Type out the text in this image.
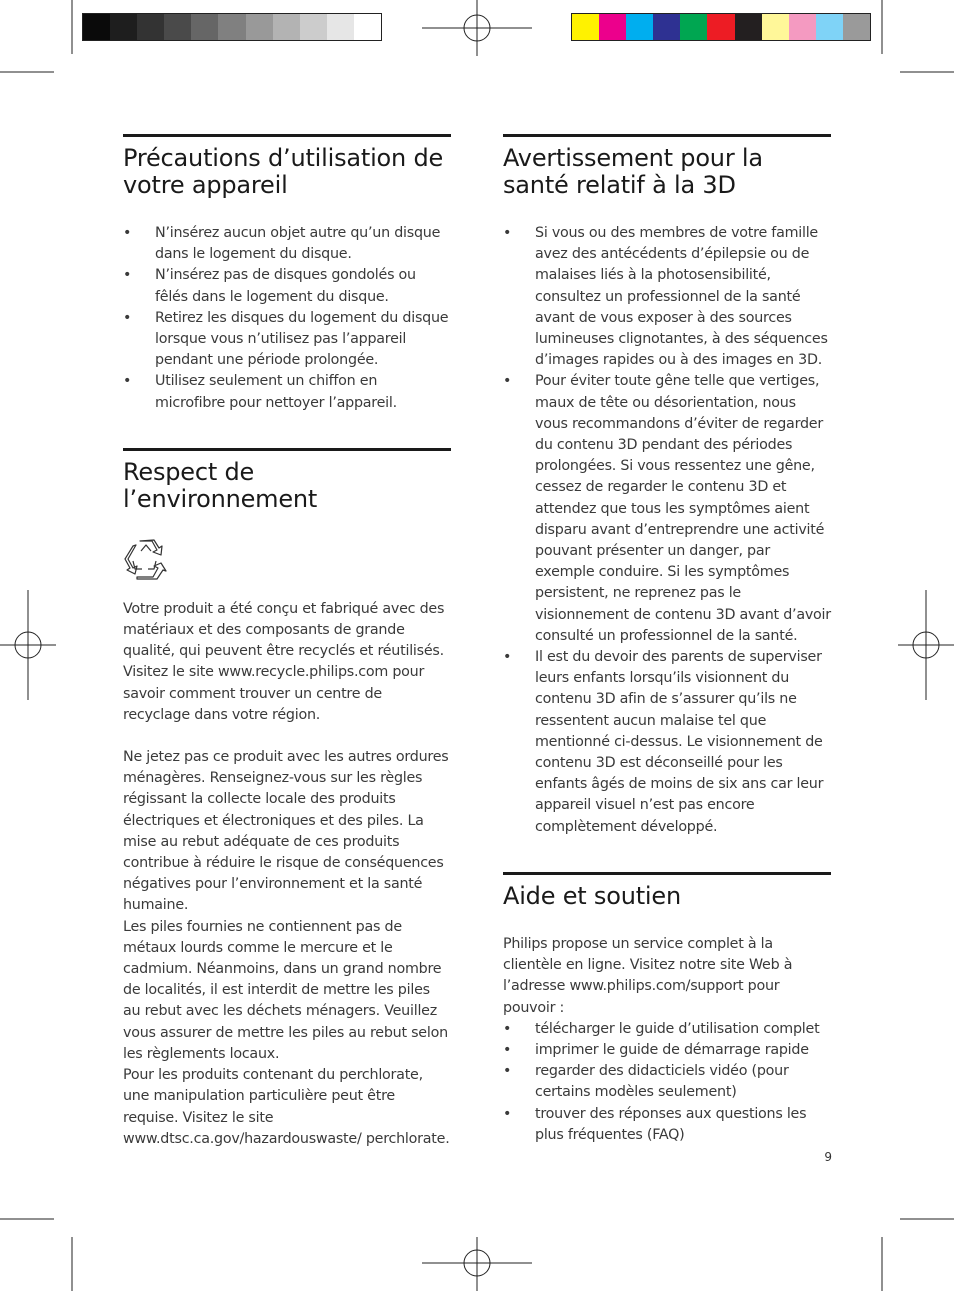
Précautions d’utilisation de votre appareil
• N’insérez aucun objet autre qu’un disque dans le logement du disque.
• N’insérez pas de disques gondolés ou fêlés dans le logement du disque.
• Retirez les disques du logement du disque lorsque vous n’utilisez pas l’appareil pendant une période prolongée.
• Utilisez seulement un chiffon en microfibre pour nettoyer l’appareil.
Respect de l’environnement

Votre produit a été conçu et fabriqué avec des matériaux et des composants de grande qualité, qui peuvent être recyclés et réutilisés. Visitez le site www.recycle.philips.com pour savoir comment trouver un centre de recyclage dans votre région.

Ne jetez pas ce produit avec les autres ordures ménagères. Renseignez-vous sur les règles régissant la collecte locale des produits électriques et électroniques et des piles. La mise au rebut adéquate de ces produits contribue à réduire le risque de conséquences négatives pour l’environnement et la santé humaine.

Les piles fournies ne contiennent pas de métaux lourds comme le mercure et le cadmium. Néanmoins, dans un grand nombre de localités, il est interdit de mettre les piles au rebut avec les déchets ménagers. Veuillez vous assurer de mettre les piles au rebut selon les règlements locaux.

Pour les produits contenant du perchlorate, une manipulation particulière peut être requise. Visitez le site www.dtsc.ca.gov/hazardouswaste/ perchlorate.

Avertissement pour la santé relatif à la 3D
• Si vous ou des membres de votre famille avez des antécédents d’épilepsie ou de malaises liés à la photosensibilité, consultez un professionnel de la santé avant de vous exposer à des sources lumineuses clignotantes, à des séquences d’images rapides ou à des images en 3D.
• Pour éviter toute gêne telle que vertiges, maux de tête ou désorientation, nous vous recommandons d’éviter de regarder du contenu 3D pendant des périodes prolongées. Si vous ressentez une gêne, cessez de regarder le contenu 3D et attendez que tous les symptômes aient disparu avant d’entreprendre une activité pouvant présenter un danger, par exemple conduire. Si les symptômes persistent, ne reprenez pas le visionnement de contenu 3D avant d’avoir consulté un professionnel de la santé.
• Il est du devoir des parents de superviser leurs enfants lorsqu’ils visionnent du contenu 3D afin de s’assurer qu’ils ne ressentent aucun malaise tel que mentionné ci-dessus. Le visionnement de contenu 3D est déconseillé pour les enfants âgés de moins de six ans car leur appareil visuel n’est pas encore complètement développé.
Aide et soutien

Philips propose un service complet à la clientèle en ligne. Visitez notre site Web à l’adresse www.philips.com/support pour pouvoir :

• télécharger le guide d’utilisation complet
• imprimer le guide de démarrage rapide
• regarder des didacticiels vidéo (pour certains modèles seulement)
• trouver des réponses aux questions les plus fréquentes (FAQ)
9
